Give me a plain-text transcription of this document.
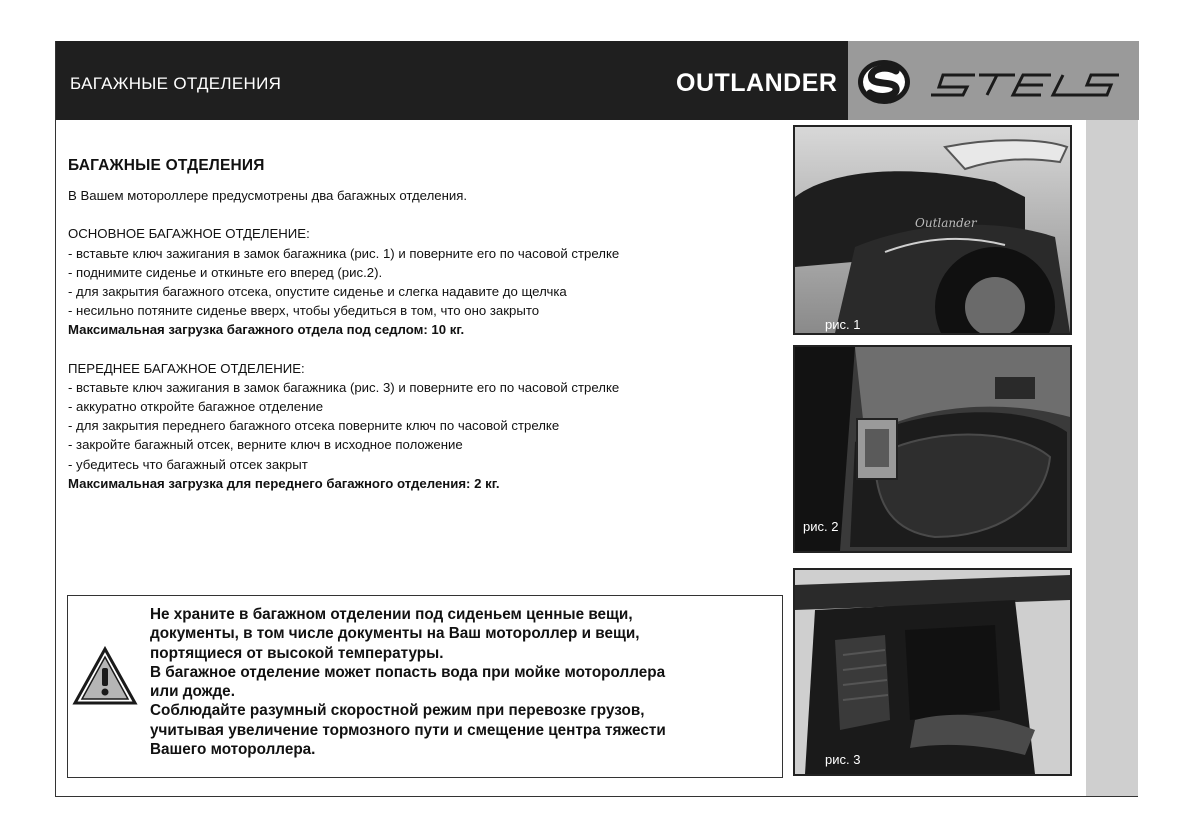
БАГАЖНЫЕ ОТДЕЛЕНИЯ	OUTLANDER
БАГАЖНЫЕ ОТДЕЛЕНИЯ

В Вашем мотороллере предусмотрены два багажных отделения.

ОСНОВНОЕ БАГАЖНОЕ ОТДЕЛЕНИЕ:

- вставьте ключ зажигания в замок багажника (рис. 1) и поверните его по часовой стрелке

- поднимите сиденье и откиньте его вперед (рис.2).

- для закрытия багажного отсека, опустите сиденье и слегка надавите до щелчка

- несильно потяните сиденье вверх, чтобы убедиться в том, что оно закрыто

Максимальная загрузка багажного отдела под седлом: 10 кг.

ПЕРЕДНЕЕ БАГАЖНОЕ ОТДЕЛЕНИЕ:

- вставьте ключ зажигания в замок багажника (рис. 3) и поверните его по часовой стрелке

- аккуратно откройте багажное отделение

- для закрытия переднего багажного отсека поверните ключ по часовой стрелке

- закройте багажный отсек, верните ключ в исходное положение

- убедитесь что багажный отсек закрыт

Максимальная загрузка для переднего багажного отделения: 2 кг.

Не храните в багажном отделении под сиденьем ценные вещи,
документы, в том числе документы на Ваш мотороллер и вещи,
портящиеся от высокой температуры.
В багажное отделение может попасть вода при мойке мотороллера
или дожде.
Соблюдайте разумный скоростной режим при перевозке грузов,
учитывая увеличение тормозного пути и смещение центра тяжести
Вашего мотороллера.
Outlander
рис. 1
рис. 2
рис. 3
